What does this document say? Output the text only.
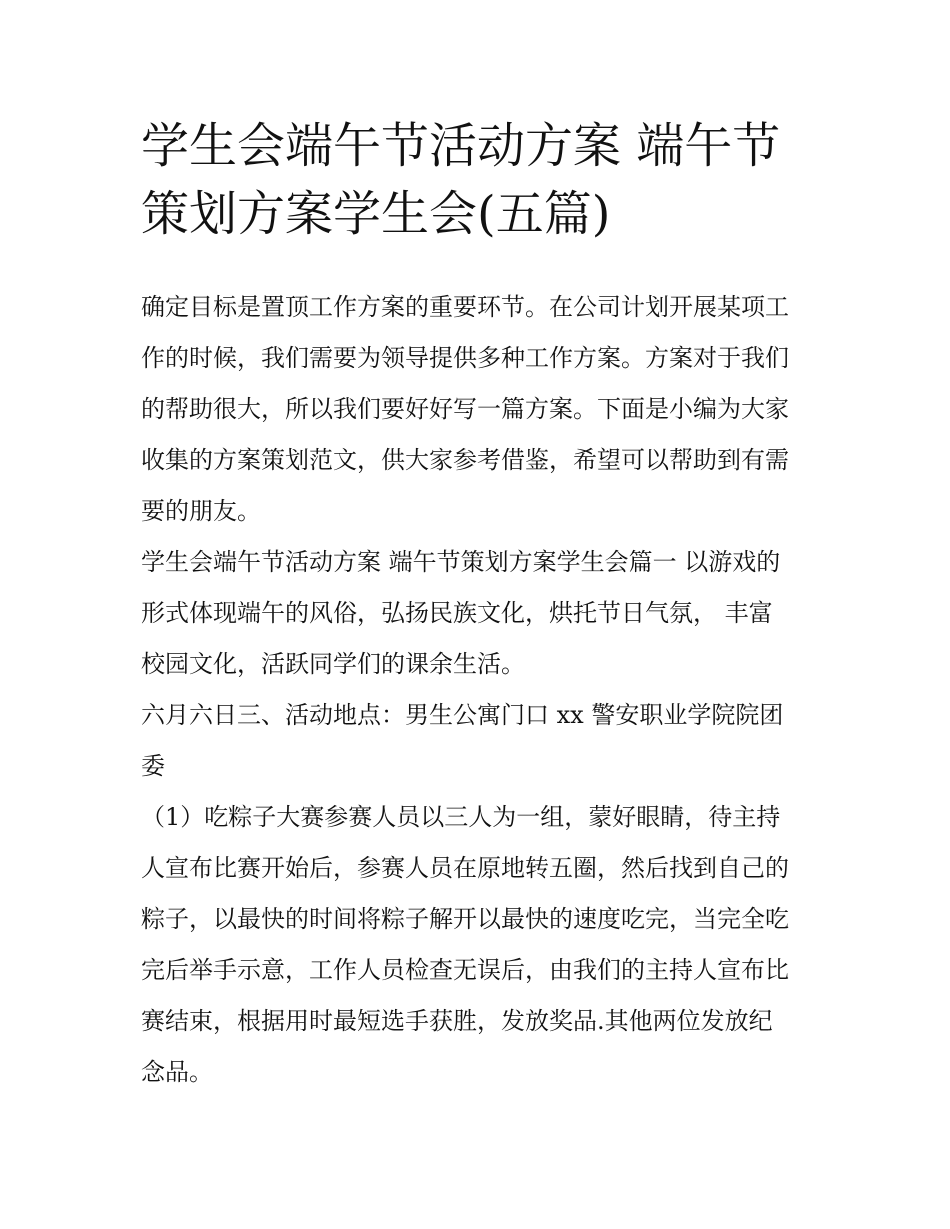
学生会端午节活动方案 端午节
策划方案学生会(五篇)

确定目标是置顶工作方案的重要环节。在公司计划开展某项工
作的时候，我们需要为领导提供多种工作方案。方案对于我们
的帮助很大，所以我们要好好写一篇方案。下面是小编为大家
收集的方案策划范文，供大家参考借鉴，希望可以帮助到有需
要的朋友。

学生会端午节活动方案 端午节策划方案学生会篇一 以游戏的
形式体现端午的风俗，弘扬民族文化，烘托节日气氛， 丰富
校园文化，活跃同学们的课余生活。

六月六日三、活动地点：男生公寓门口 xx 警安职业学院院团
委

（1）吃粽子大赛参赛人员以三人为一组，蒙好眼睛，待主持
人宣布比赛开始后，参赛人员在原地转五圈，然后找到自己的
粽子，以最快的时间将粽子解开以最快的速度吃完，当完全吃
完后举手示意，工作人员检查无误后，由我们的主持人宣布比
赛结束，根据用时最短选手获胜，发放奖品.其他两位发放纪
念品。
